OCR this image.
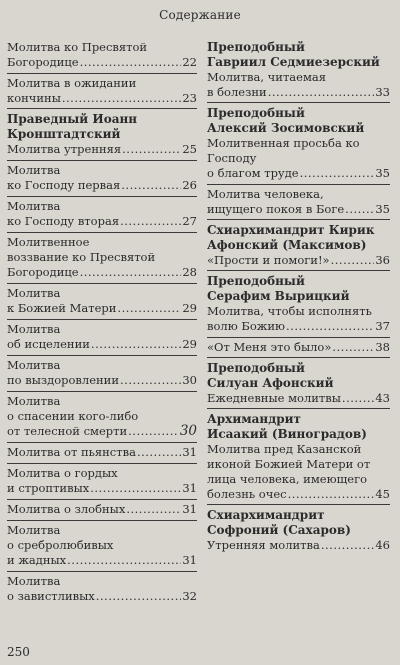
Содержание
Молитва ко Пресвятой
Богородице .....	22
Молитва в ожидании
кончины .....	23
Праведный Иоанн
Кронштадтский
Молитва утренняя .....	25
Молитва
ко Господу первая .....	26
Молитва
ко Господу вторая .....	27
Молитвенное
воззвание ко Пресвятой
Богородице .....	28
Молитва
к Божией Матери .....	29
Молитва
об исцелении .....	29
Молитва
по выздоровлении .....	30
Молитва
о спасении кого-либо
от телесной смерти .....	30
Молитва от пьянства .....	31
Молитва о гордых
и строптивых .....	31
Молитва о злобных .....	31
Молитва
о сребролюбивых
и жадных .....	31
Молитва
о завистливых .....	32
Преподобный
Гавриил Седмиезерский
Молитва, читаемая
в болезни .....	33
Преподобный
Алексий Зосимовский
Молитвенная просьба ко
Господу
о благом труде .....	35
Молитва человека,
ищущего покоя в Боге .....	35
Схиархимандрит Кирик
Афонский (Максимов)
«Прости и помоги!» .....	36
Преподобный
Серафим Вырицкий
Молитва, чтобы исполнять
волю Божию .....	37
«От Меня это было» .....	38
Преподобный
Силуан Афонский
Ежедневные молитвы .....	43
Архимандрит
Исаакий (Виноградов)
Молитва пред Казанской
иконой Божией Матери от
лица человека, имеющего
болезнь очес .....	45
Схиархимандрит
Софроний (Сахаров)
Утренняя молитва .....	46
250
